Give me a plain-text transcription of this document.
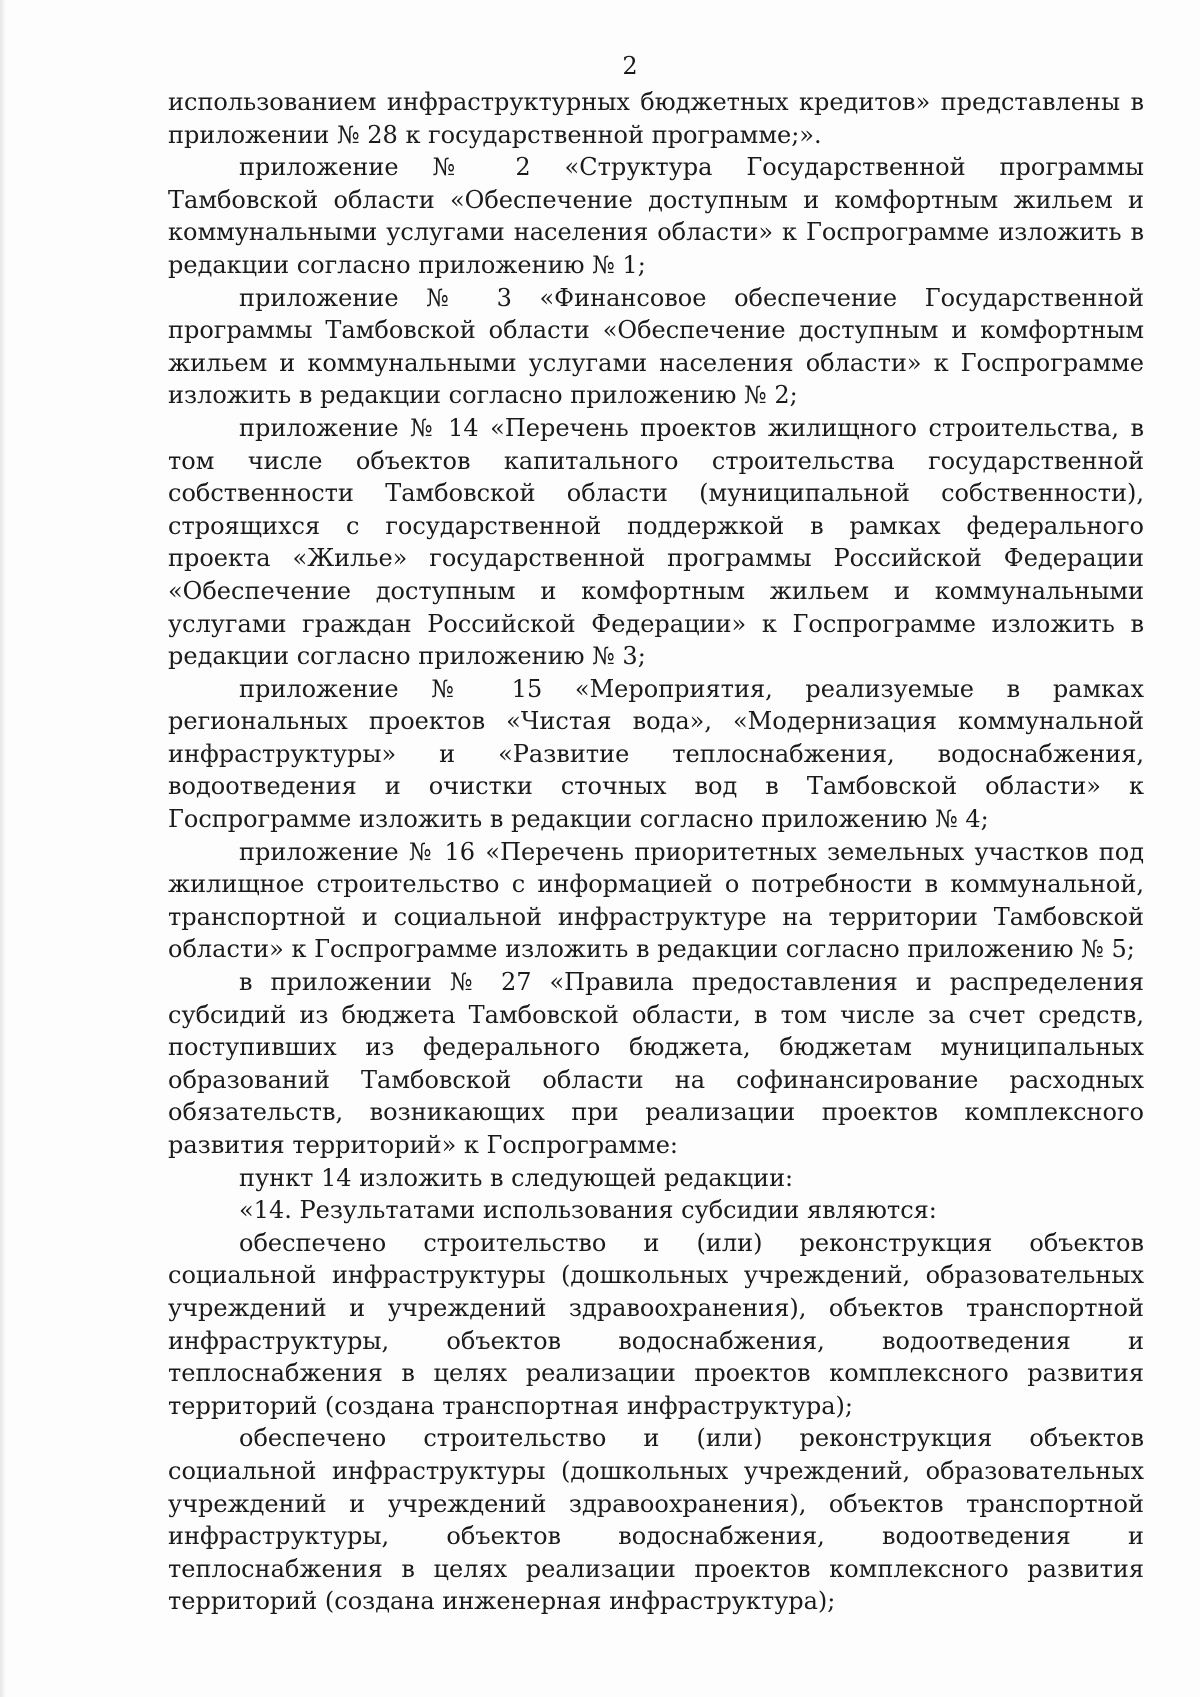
2

использованием инфраструктурных бюджетных кредитов» представлены в приложении № 28 к государственной программе;».

приложение № 2 «Структура Государственной программы Тамбовской области «Обеспечение доступным и комфортным жильем и коммунальными услугами населения области» к Госпрограмме изложить в редакции согласно приложению № 1;

приложение № 3 «Финансовое обеспечение Государственной программы Тамбовской области «Обеспечение доступным и комфортным жильем и коммунальными услугами населения области» к Госпрограмме изложить в редакции согласно приложению № 2;

приложение № 14 «Перечень проектов жилищного строительства, в том числе объектов капитального строительства государственной собственности Тамбовской области (муниципальной собственности), строящихся с государственной поддержкой в рамках федерального проекта «Жилье» государственной программы Российской Федерации «Обеспечение доступным и комфортным жильем и коммунальными услугами граждан Российской Федерации» к Госпрограмме изложить в редакции согласно приложению № 3;

приложение № 15 «Мероприятия, реализуемые в рамках региональных проектов «Чистая вода», «Модернизация коммунальной инфраструктуры» и «Развитие теплоснабжения, водоснабжения, водоотведения и очистки сточных вод в Тамбовской области» к Госпрограмме изложить в редакции согласно приложению № 4;

приложение № 16 «Перечень приоритетных земельных участков под жилищное строительство с информацией о потребности в коммунальной, транспортной и социальной инфраструктуре на территории Тамбовской области» к Госпрограмме изложить в редакции согласно приложению № 5;

в приложении № 27 «Правила предоставления и распределения субсидий из бюджета Тамбовской области, в том числе за счет средств, поступивших из федерального бюджета, бюджетам муниципальных образований Тамбовской области на софинансирование расходных обязательств, возникающих при реализации проектов комплексного развития территорий» к Госпрограмме:

пункт 14 изложить в следующей редакции:

«14. Результатами использования субсидии являются:

обеспечено строительство и (или) реконструкция объектов социальной инфраструктуры (дошкольных учреждений, образовательных учреждений и учреждений здравоохранения), объектов транспортной инфраструктуры, объектов водоснабжения, водоотведения и теплоснабжения в целях реализации проектов комплексного развития территорий (создана транспортная инфраструктура);

обеспечено строительство и (или) реконструкция объектов социальной инфраструктуры (дошкольных учреждений, образовательных учреждений и учреждений здравоохранения), объектов транспортной инфраструктуры, объектов водоснабжения, водоотведения и теплоснабжения в целях реализации проектов комплексного развития территорий (создана инженерная инфраструктура);
